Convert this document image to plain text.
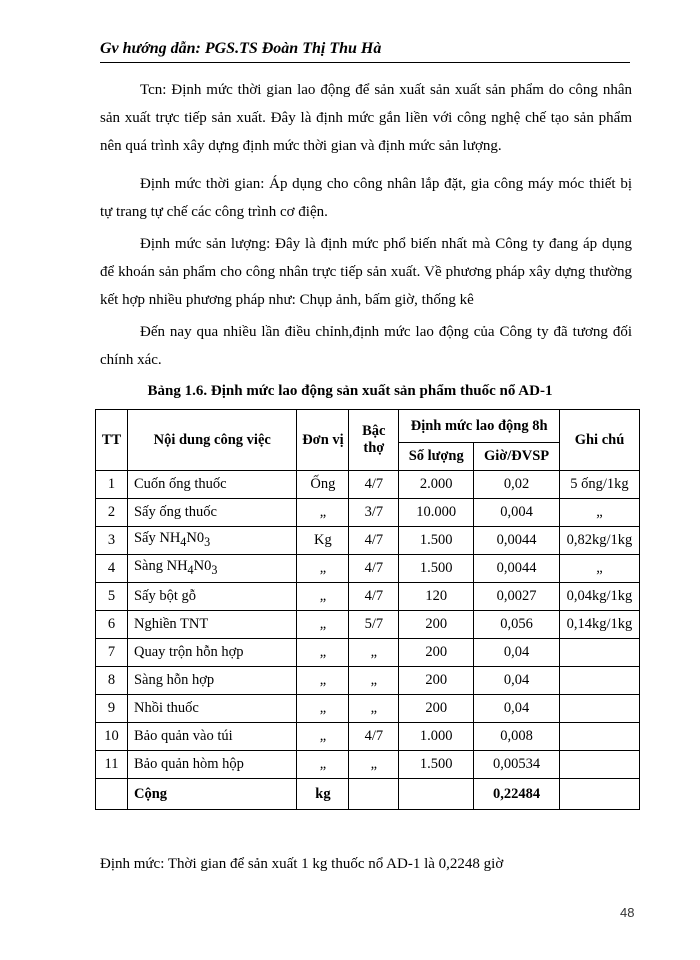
Gv hướng dẫn: PGS.TS Đoàn Thị Thu Hà
Tcn: Định mức thời gian lao động để sản xuất sản xuất sản phẩm do công nhân sản xuất trực tiếp sản xuất. Đây là định mức gắn liền với công nghệ chế tạo sản phẩm nên quá trình xây dựng định mức thời gian và định mức sản lượng.
Định mức thời gian: Áp dụng cho công nhân lắp đặt, gia công máy móc thiết bị tự trang tự chế các công trình cơ điện.
Định mức sản lượng: Đây là định mức phổ biến nhất mà Công ty đang áp dụng để khoán sản phẩm cho công nhân trực tiếp sản xuất. Về phương pháp xây dựng thường kết hợp nhiều phương pháp như: Chụp ảnh, bấm giờ, thống kê
Đến nay qua nhiều lần điều chỉnh,định mức lao động của Công ty đã tương đối chính xác.
Bảng 1.6. Định mức lao động sản xuất sản phẩm thuốc nổ AD-1
TT	Nội dung công việc	Đơn vị	Bậc thợ	Định mức lao động 8h		Ghi chú
				Số lượng	Giờ/ĐVSP	
1	Cuốn ống thuốc	Ống	4/7	2.000	0,02	5 ống/1kg
2	Sấy ống thuốc	„	3/7	10.000	0,004	„
3	Sấy $NH_4N0_3$	Kg	4/7	1.500	0,0044	0,82kg/1kg
4	Sàng $NH_4N0_3$	„	4/7	1.500	0,0044	„
5	Sấy bột gỗ	„	4/7	120	0,0027	0,04kg/1kg
6	Nghiền TNT	„	5/7	200	0,056	0,14kg/1kg
7	Quay trộn hỗn hợp	„	„	200	0,04	
8	Sàng hỗn hợp	„	„	200	0,04	
9	Nhồi thuốc	„	„	200	0,04	
10	Bảo quản vào túi	„	4/7	1.000	0,008	
11	Bảo quản hòm hộp	„	„	1.500	0,00534	
	Cộng	kg			0,22484	
Định mức: Thời gian để sản xuất 1 kg thuốc nổ AD-1 là 0,2248 giờ
48
